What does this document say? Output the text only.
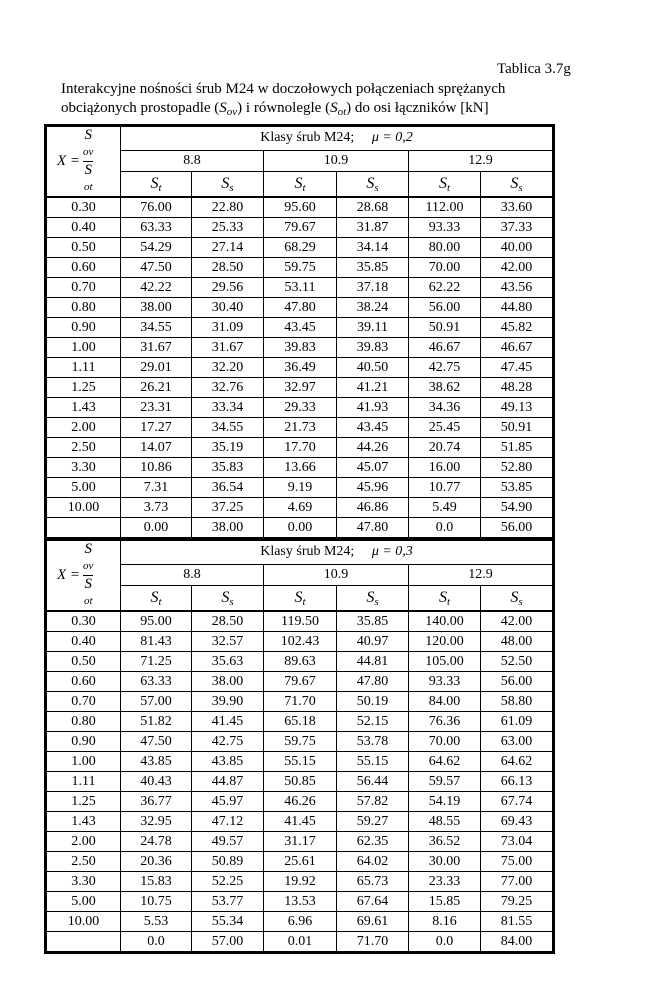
Tablica 3.7g
Interakcyjne nośności śrub M24 w doczołowych połączeniach sprężanych
obciążonych prostopadle $(S_{ov})$ i równolegle $(S_{ot})$ do osi łączników [kN]
X = S
ov
S
ot	Klasy śrub M24; μ = 0,2					
	8.8		10.9		12.9	
	$S_t$	$S_s$	$S_t$	$S_s$	$S_t$	$S_s$
0.30	76.00	22.80	95.60	28.68	112.00	33.60
0.40	63.33	25.33	79.67	31.87	93.33	37.33
0.50	54.29	27.14	68.29	34.14	80.00	40.00
0.60	47.50	28.50	59.75	35.85	70.00	42.00
0.70	42.22	29.56	53.11	37.18	62.22	43.56
0.80	38.00	30.40	47.80	38.24	56.00	44.80
0.90	34.55	31.09	43.45	39.11	50.91	45.82
1.00	31.67	31.67	39.83	39.83	46.67	46.67
1.11	29.01	32.20	36.49	40.50	42.75	47.45
1.25	26.21	32.76	32.97	41.21	38.62	48.28
1.43	23.31	33.34	29.33	41.93	34.36	49.13
2.00	17.27	34.55	21.73	43.45	25.45	50.91
2.50	14.07	35.19	17.70	44.26	20.74	51.85
3.30	10.86	35.83	13.66	45.07	16.00	52.80
5.00	7.31	36.54	9.19	45.96	10.77	53.85
10.00	3.73	37.25	4.69	46.86	5.49	54.90
	0.00	38.00	0.00	47.80	0.0	56.00
X = S
ov
S
ot	Klasy śrub M24; μ = 0,3					
	8.8		10.9		12.9	
	$S_t$	$S_s$	$S_t$	$S_s$	$S_t$	$S_s$
0.30	95.00	28.50	119.50	35.85	140.00	42.00
0.40	81.43	32.57	102.43	40.97	120.00	48.00
0.50	71.25	35.63	89.63	44.81	105.00	52.50
0.60	63.33	38.00	79.67	47.80	93.33	56.00
0.70	57.00	39.90	71.70	50.19	84.00	58.80
0.80	51.82	41.45	65.18	52.15	76.36	61.09
0.90	47.50	42.75	59.75	53.78	70.00	63.00
1.00	43.85	43.85	55.15	55.15	64.62	64.62
1.11	40.43	44.87	50.85	56.44	59.57	66.13
1.25	36.77	45.97	46.26	57.82	54.19	67.74
1.43	32.95	47.12	41.45	59.27	48.55	69.43
2.00	24.78	49.57	31.17	62.35	36.52	73.04
2.50	20.36	50.89	25.61	64.02	30.00	75.00
3.30	15.83	52.25	19.92	65.73	23.33	77.00
5.00	10.75	53.77	13.53	67.64	15.85	79.25
10.00	5.53	55.34	6.96	69.61	8.16	81.55
	0.0	57.00	0.01	71.70	0.0	84.00
